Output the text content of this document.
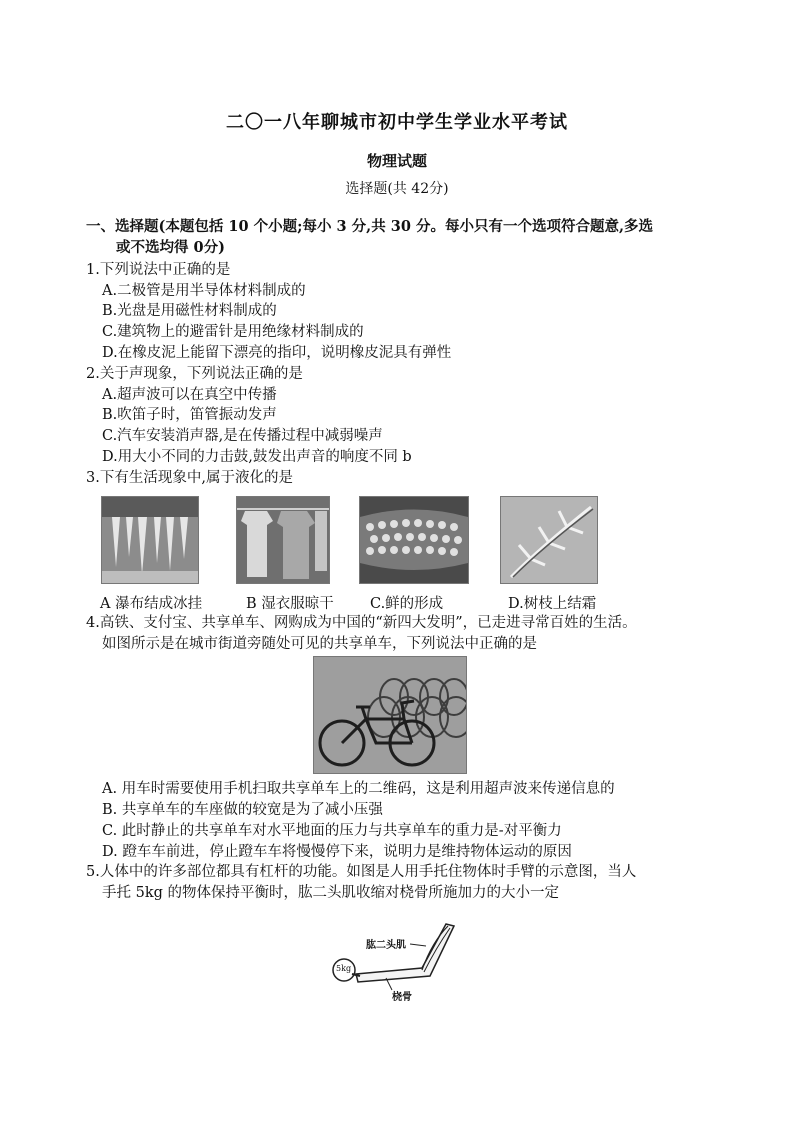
二〇一八年聊城市初中学生学业水平考试
物理试题
选择题(共 42分)
一、选择题(本题包括 10 个小题;每小 3 分,共 30 分。每小只有一个选项符合题意,多选
或不选均得 0分)
1.下列说法中正确的是
A.二极管是用半导体材料制成的
B.光盘是用磁性材料制成的
C.建筑物上的避雷针是用绝缘材料制成的
D.在橡皮泥上能留下漂亮的指印，说明橡皮泥具有弹性
2.关于声现象，下列说法正确的是
A.超声波可以在真空中传播
B.吹笛子时，笛管振动发声
C.汽车安装消声器,是在传播过程中减弱噪声
D.用大小不同的力击鼓,鼓发出声音的响度不同 b
3.下有生活现象中,属于液化的是
A 瀑布结成冰挂	B 湿衣服晾干 C.鲜的形成	D.树枝上结霜
4.高铁、支付宝、共享单车、网购成为中国的“新四大发明”，已走进寻常百姓的生活。
如图所示是在城市街道旁随处可见的共享单车，下列说法中正确的是
A. 用车时需要使用手机扫取共享单车上的二维码，这是利用超声波来传递信息的
B. 共享单车的车座做的较宽是为了减小压强
C. 此时静止的共享单车对水平地面的压力与共享单车的重力是-对平衡力
D. 蹬车车前进，停止蹬车车将慢慢停下来，说明力是维持物体运动的原因
5.人体中的许多部位都具有杠杆的功能。如图是人用手托住物体时手臂的示意图，当人
手托 5kg 的物体保持平衡时，肱二头肌收缩对桡骨所施加力的大小一定
肱二头肌
桡骨
5kg
